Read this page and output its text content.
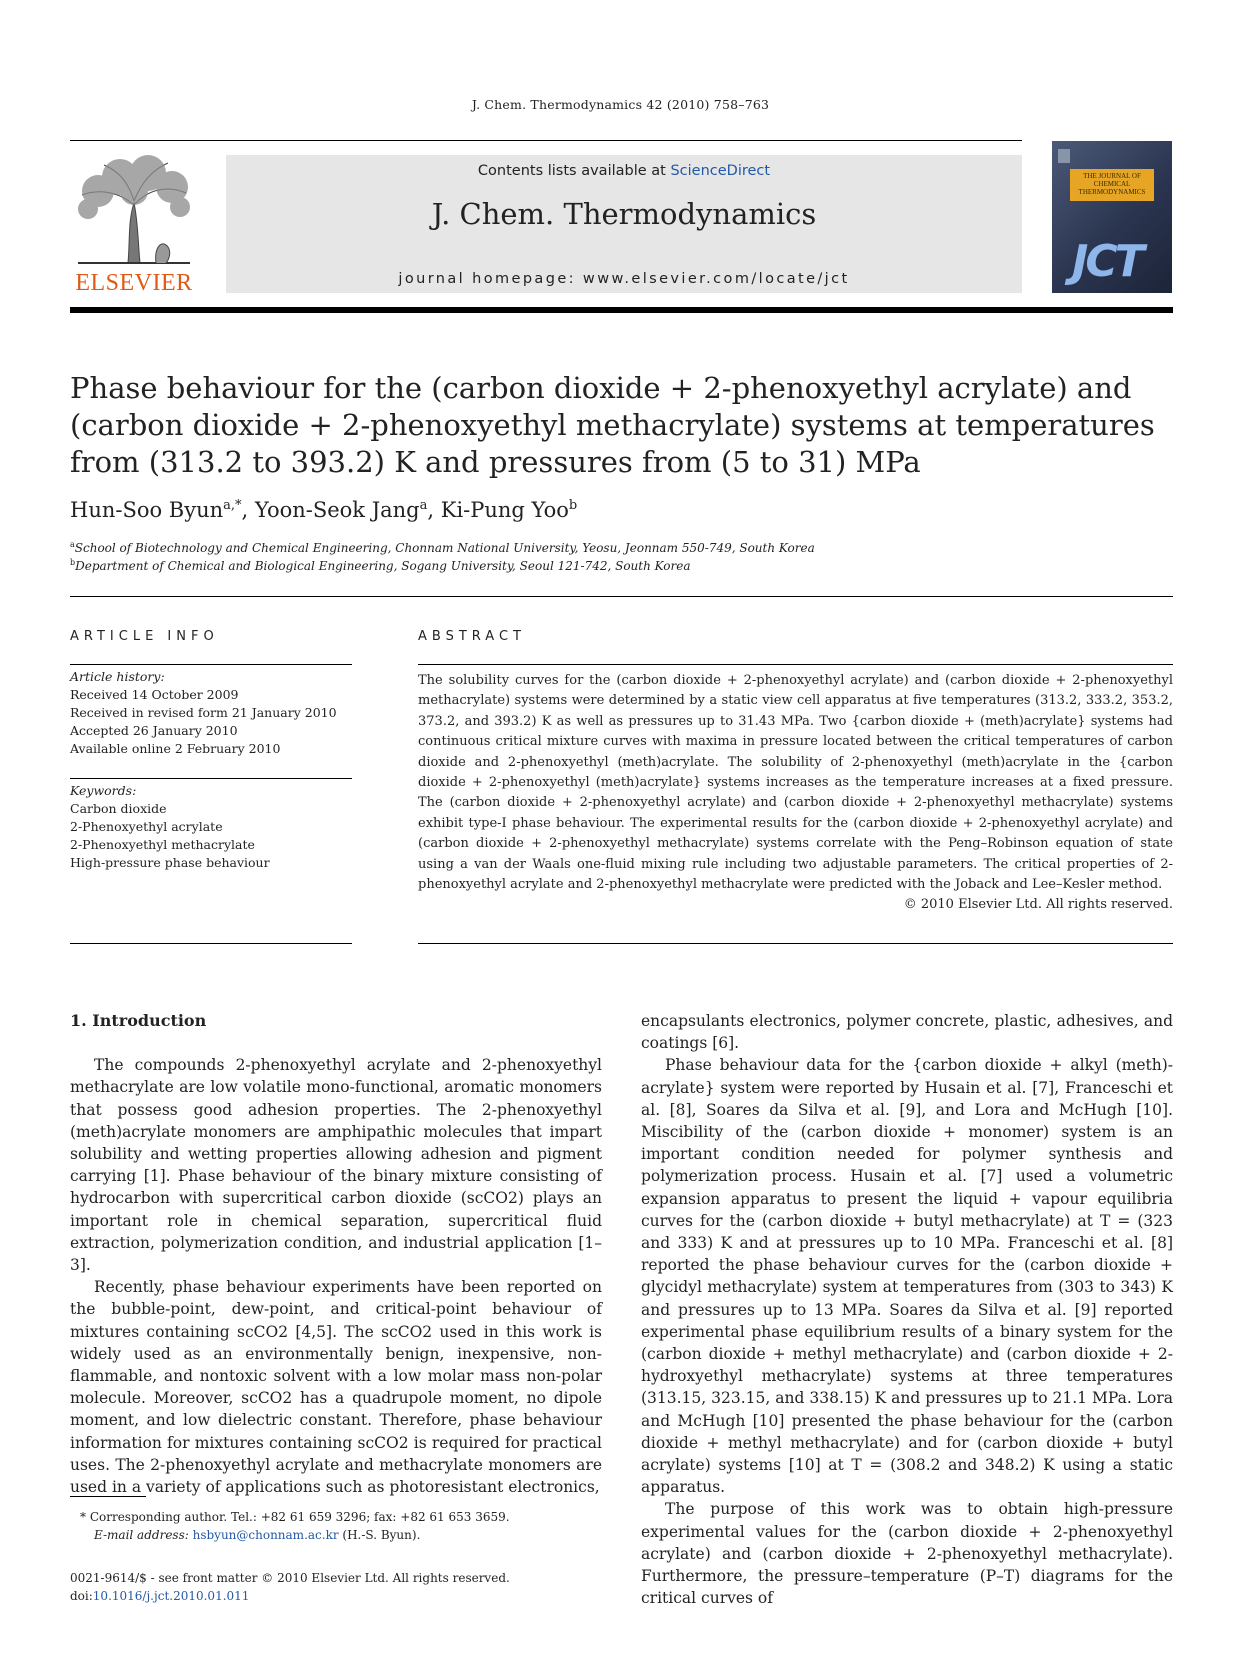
J. Chem. Thermodynamics 42 (2010) 758–763
ELSEVIER
Contents lists available at ScienceDirect
J. Chem. Thermodynamics
journal homepage: www.elsevier.com/locate/jct
THE JOURNAL OF CHEMICAL THERMODYNAMICS
JCT
Phase behaviour for the (carbon dioxide + 2-phenoxyethyl acrylate) and (carbon dioxide + 2-phenoxyethyl methacrylate) systems at temperatures from (313.2 to 393.2) K and pressures from (5 to 31) MPa
Hun-Soo Byun$^{a,*}$, Yoon-Seok Jang$^a$, Ki-Pung Yoo$^b$
$^a$School of Biotechnology and Chemical Engineering, Chonnam National University, Yeosu, Jeonnam 550-749, South Korea
$^b$Department of Chemical and Biological Engineering, Sogang University, Seoul 121-742, South Korea
ARTICLE INFO
Article history:
Received 14 October 2009
Received in revised form 21 January 2010
Accepted 26 January 2010
Available online 2 February 2010
Keywords:
Carbon dioxide
2-Phenoxyethyl acrylate
2-Phenoxyethyl methacrylate
High-pressure phase behaviour
ABSTRACT
The solubility curves for the (carbon dioxide + 2-phenoxyethyl acrylate) and (carbon dioxide + 2-phenoxyethyl methacrylate) systems were determined by a static view cell apparatus at five temperatures (313.2, 333.2, 353.2, 373.2, and 393.2) K as well as pressures up to 31.43 MPa. Two {carbon dioxide + (meth)acrylate} systems had continuous critical mixture curves with maxima in pressure located between the critical temperatures of carbon dioxide and 2-phenoxyethyl (meth)acrylate. The solubility of 2-phenoxyethyl (meth)acrylate in the {carbon dioxide + 2-phenoxyethyl (meth)acrylate} systems increases as the temperature increases at a fixed pressure. The (carbon dioxide + 2-phenoxyethyl acrylate) and (carbon dioxide + 2-phenoxyethyl methacrylate) systems exhibit type-I phase behaviour. The experimental results for the (carbon dioxide + 2-phenoxyethyl acrylate) and (carbon dioxide + 2-phenoxyethyl methacrylate) systems correlate with the Peng–Robinson equation of state using a van der Waals one-fluid mixing rule including two adjustable parameters. The critical properties of 2-phenoxyethyl acrylate and 2-phenoxyethyl methacrylate were predicted with the Joback and Lee–Kesler method.
© 2010 Elsevier Ltd. All rights reserved.
1. Introduction

The compounds 2-phenoxyethyl acrylate and 2-phenoxyethyl methacrylate are low volatile mono-functional, aromatic monomers that possess good adhesion properties. The 2-phenoxyethyl (meth)acrylate monomers are amphipathic molecules that impart solubility and wetting properties allowing adhesion and pigment carrying [1]. Phase behaviour of the binary mixture consisting of hydrocarbon with supercritical carbon dioxide (scCO2) plays an important role in chemical separation, supercritical fluid extraction, polymerization condition, and industrial application [1–3].

Recently, phase behaviour experiments have been reported on the bubble-point, dew-point, and critical-point behaviour of mixtures containing scCO2 [4,5]. The scCO2 used in this work is widely used as an environmentally benign, inexpensive, non-flammable, and nontoxic solvent with a low molar mass non-polar molecule. Moreover, scCO2 has a quadrupole moment, no dipole moment, and low dielectric constant. Therefore, phase behaviour information for mixtures containing scCO2 is required for practical uses. The 2-phenoxyethyl acrylate and methacrylate monomers are used in a variety of applications such as photoresistant electronics,

encapsulants electronics, polymer concrete, plastic, adhesives, and coatings [6].

Phase behaviour data for the {carbon dioxide + alkyl (meth)-acrylate} system were reported by Husain et al. [7], Franceschi et al. [8], Soares da Silva et al. [9], and Lora and McHugh [10]. Miscibility of the (carbon dioxide + monomer) system is an important condition needed for polymer synthesis and polymerization process. Husain et al. [7] used a volumetric expansion apparatus to present the liquid + vapour equilibria curves for the (carbon dioxide + butyl methacrylate) at T = (323 and 333) K and at pressures up to 10 MPa. Franceschi et al. [8] reported the phase behaviour curves for the (carbon dioxide + glycidyl methacrylate) system at temperatures from (303 to 343) K and pressures up to 13 MPa. Soares da Silva et al. [9] reported experimental phase equilibrium results of a binary system for the (carbon dioxide + methyl methacrylate) and (carbon dioxide + 2-hydroxyethyl methacrylate) systems at three temperatures (313.15, 323.15, and 338.15) K and pressures up to 21.1 MPa. Lora and McHugh [10] presented the phase behaviour for the (carbon dioxide + methyl methacrylate) and for (carbon dioxide + butyl acrylate) systems [10] at T = (308.2 and 348.2) K using a static apparatus.

The purpose of this work was to obtain high-pressure experimental values for the (carbon dioxide + 2-phenoxyethyl acrylate) and (carbon dioxide + 2-phenoxyethyl methacrylate). Furthermore, the pressure–temperature (P–T) diagrams for the critical curves of

* Corresponding author. Tel.: +82 61 659 3296; fax: +82 61 653 3659.
E-mail address: hsbyun@chonnam.ac.kr (H.-S. Byun).
0021-9614/$ - see front matter © 2010 Elsevier Ltd. All rights reserved.
doi:10.1016/j.jct.2010.01.011
